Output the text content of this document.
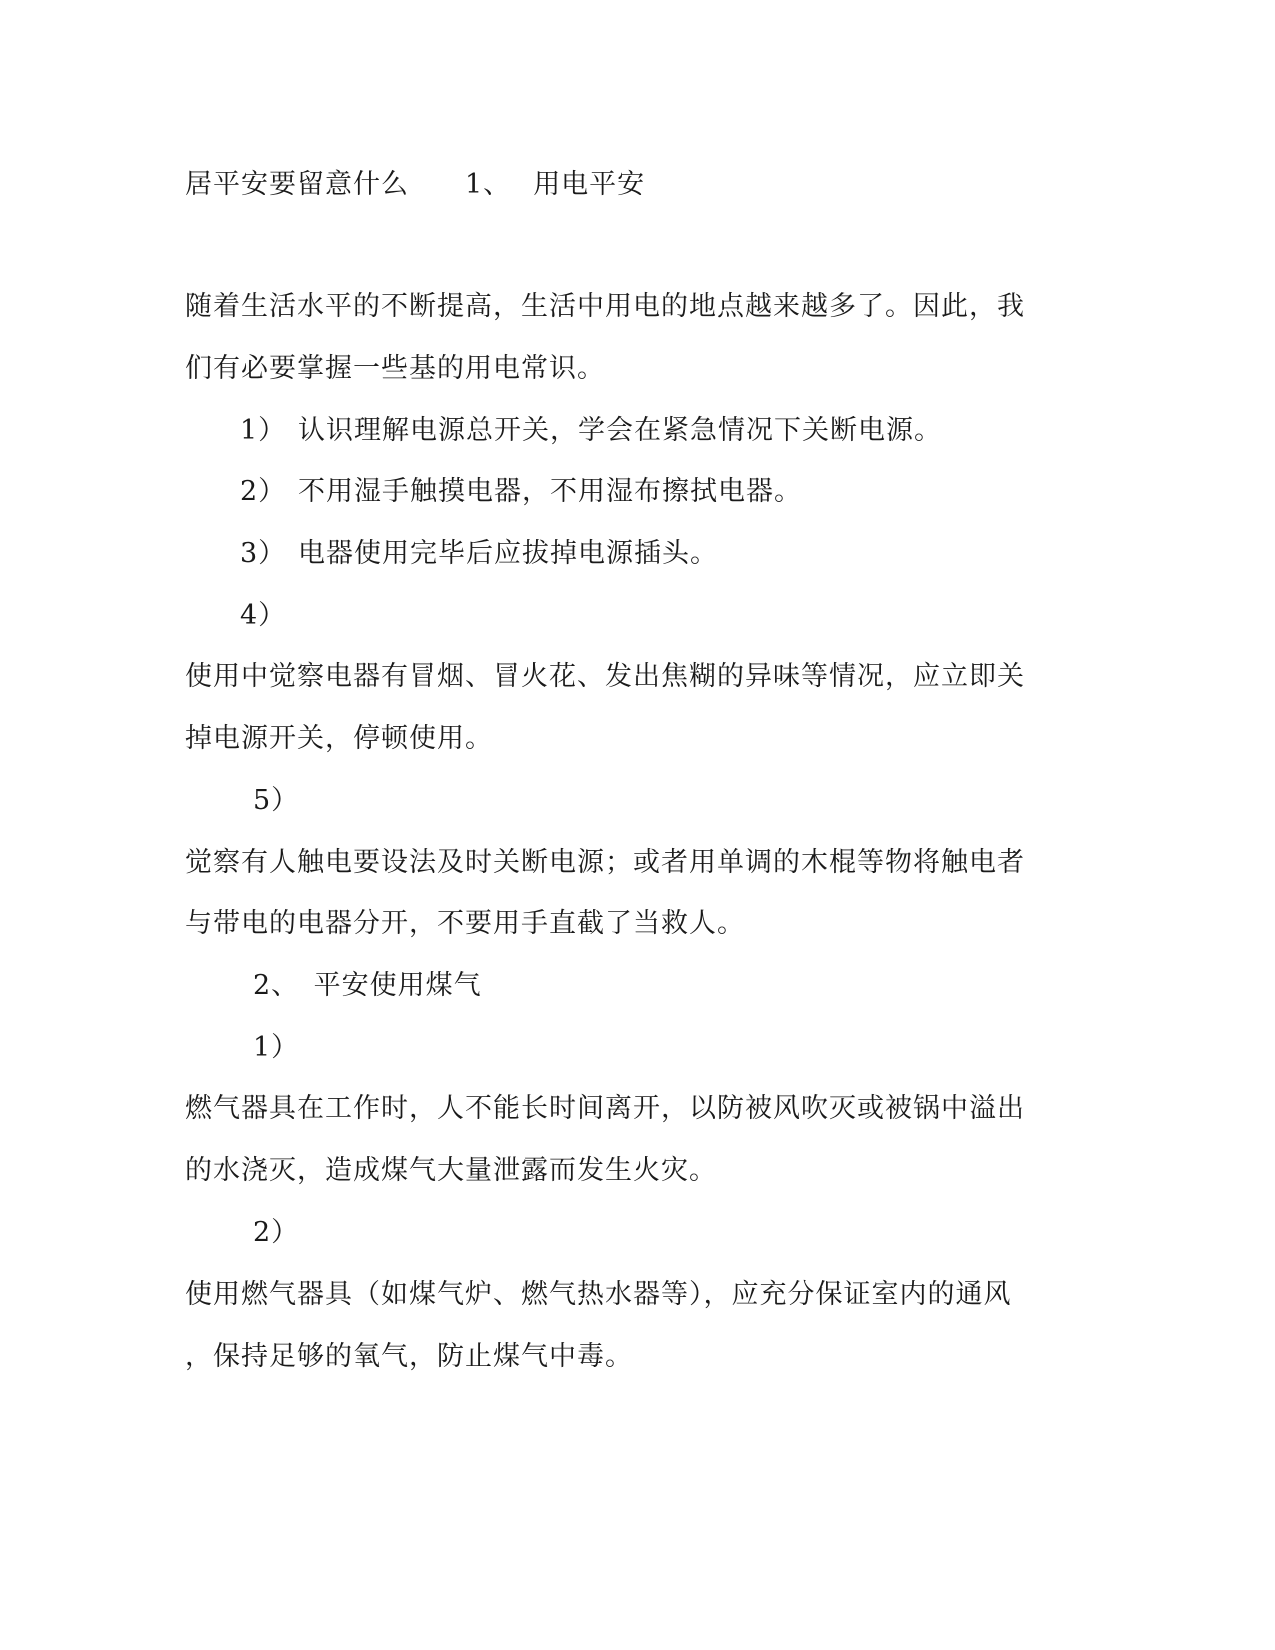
居平安要留意什么 1、 用电平安
随着生活水平的不断提高，生活中用电的地点越来越多了。因此，我
们有必要掌握一些基的用电常识。
1） 认识理解电源总开关，学会在紧急情况下关断电源。
2） 不用湿手触摸电器，不用湿布擦拭电器。
3） 电器使用完毕后应拔掉电源插头。
4）
使用中觉察电器有冒烟、冒火花、发出焦糊的异味等情况，应立即关
掉电源开关，停顿使用。
5）
觉察有人触电要设法及时关断电源；或者用单调的木棍等物将触电者
与带电的电器分开，不要用手直截了当救人。
2、　平安使用煤气
1）
燃气器具在工作时，人不能长时间离开，以防被风吹灭或被锅中溢出
的水浇灭，造成煤气大量泄露而发生火灾。
2）
使用燃气器具（如煤气炉、燃气热水器等），应充分保证室内的通风
，保持足够的氧气，防止煤气中毒。
